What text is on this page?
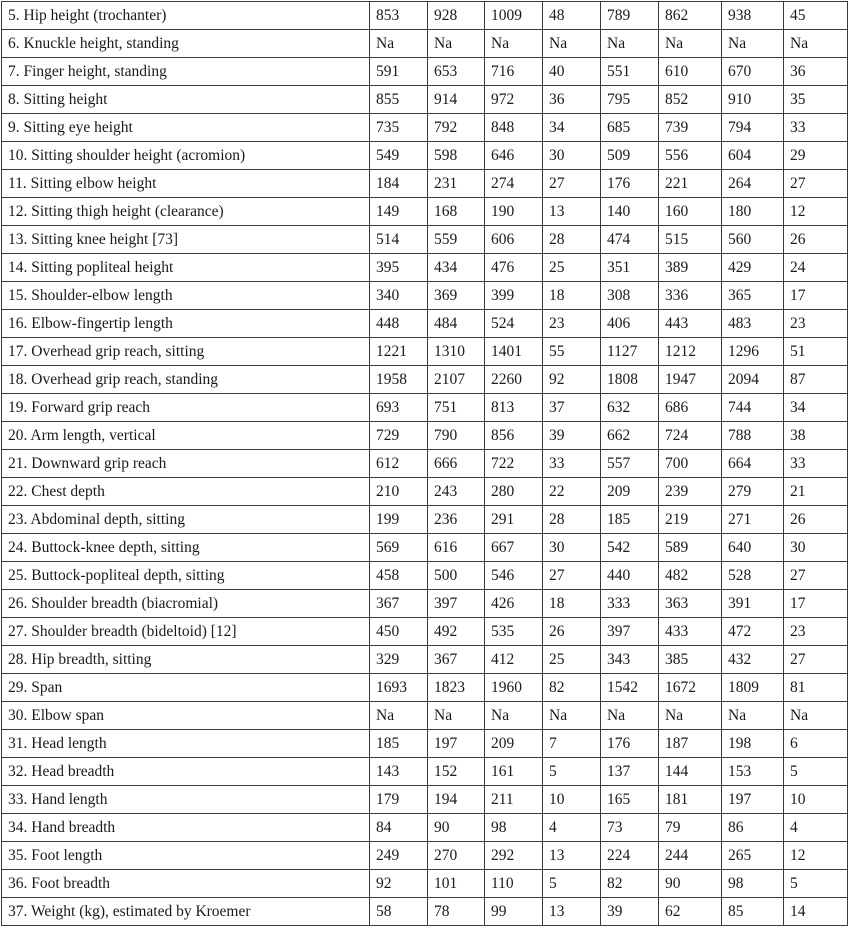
5. Hip height (trochanter)	853	928	1009	48	789	862	938	45
6. Knuckle height, standing	Na	Na	Na	Na	Na	Na	Na	Na
7. Finger height, standing	591	653	716	40	551	610	670	36
8. Sitting height	855	914	972	36	795	852	910	35
9. Sitting eye height	735	792	848	34	685	739	794	33
10. Sitting shoulder height (acromion)	549	598	646	30	509	556	604	29
11. Sitting elbow height	184	231	274	27	176	221	264	27
12. Sitting thigh height (clearance)	149	168	190	13	140	160	180	12
13. Sitting knee height [73]	514	559	606	28	474	515	560	26
14. Sitting popliteal height	395	434	476	25	351	389	429	24
15. Shoulder-elbow length	340	369	399	18	308	336	365	17
16. Elbow-fingertip length	448	484	524	23	406	443	483	23
17. Overhead grip reach, sitting	1221	1310	1401	55	1127	1212	1296	51
18. Overhead grip reach, standing	1958	2107	2260	92	1808	1947	2094	87
19. Forward grip reach	693	751	813	37	632	686	744	34
20. Arm length, vertical	729	790	856	39	662	724	788	38
21. Downward grip reach	612	666	722	33	557	700	664	33
22. Chest depth	210	243	280	22	209	239	279	21
23. Abdominal depth, sitting	199	236	291	28	185	219	271	26
24. Buttock-knee depth, sitting	569	616	667	30	542	589	640	30
25. Buttock-popliteal depth, sitting	458	500	546	27	440	482	528	27
26. Shoulder breadth (biacromial)	367	397	426	18	333	363	391	17
27. Shoulder breadth (bideltoid) [12]	450	492	535	26	397	433	472	23
28. Hip breadth, sitting	329	367	412	25	343	385	432	27
29. Span	1693	1823	1960	82	1542	1672	1809	81
30. Elbow span	Na	Na	Na	Na	Na	Na	Na	Na
31. Head length	185	197	209	7	176	187	198	6
32. Head breadth	143	152	161	5	137	144	153	5
33. Hand length	179	194	211	10	165	181	197	10
34. Hand breadth	84	90	98	4	73	79	86	4
35. Foot length	249	270	292	13	224	244	265	12
36. Foot breadth	92	101	110	5	82	90	98	5
37. Weight (kg), estimated by Kroemer	58	78	99	13	39	62	85	14
